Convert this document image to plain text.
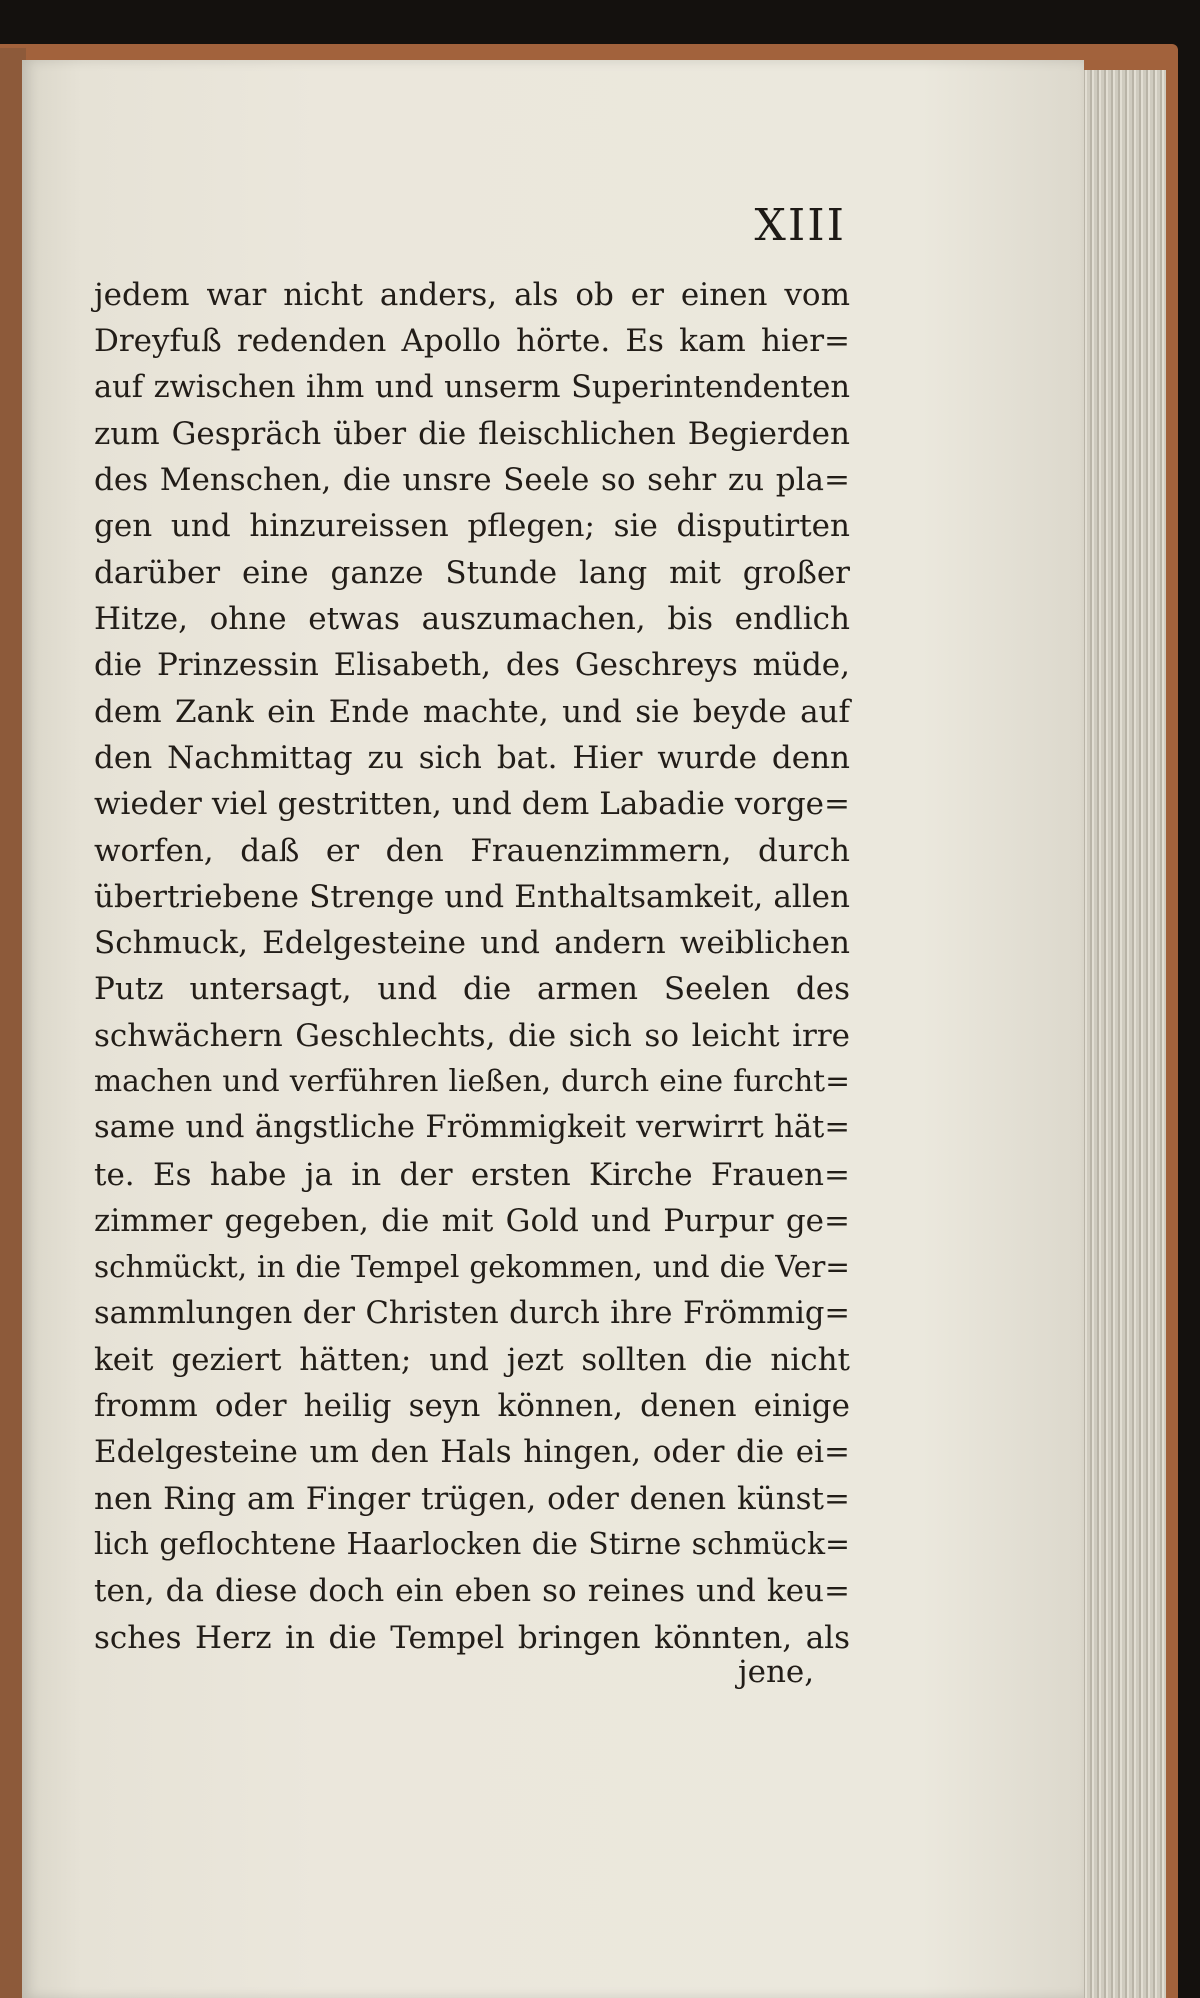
XIII
jedem war nicht anders, als ob er einen vom
Dreyfuß redenden Apollo hörte. Es kam hier=
auf zwischen ihm und unserm Superintendenten
zum Gespräch über die fleischlichen Begierden
des Menschen, die unsre Seele so sehr zu pla=
gen und hinzureissen pflegen; sie disputirten
darüber eine ganze Stunde lang mit großer
Hitze, ohne etwas auszumachen, bis endlich
die Prinzessin Elisabeth, des Geschreys müde,
dem Zank ein Ende machte, und sie beyde auf
den Nachmittag zu sich bat. Hier wurde denn
wieder viel gestritten, und dem Labadie vorge=
worfen, daß er den Frauenzimmern, durch
übertriebene Strenge und Enthaltsamkeit, allen
Schmuck, Edelgesteine und andern weiblichen
Putz untersagt, und die armen Seelen des
schwächern Geschlechts, die sich so leicht irre
machen und verführen ließen, durch eine furcht=
same und ängstliche Frömmigkeit verwirrt hät=
te. Es habe ja in der ersten Kirche Frauen=
zimmer gegeben, die mit Gold und Purpur ge=
schmückt, in die Tempel gekommen, und die Ver=
sammlungen der Christen durch ihre Frömmig=
keit geziert hätten; und jezt sollten die nicht
fromm oder heilig seyn können, denen einige
Edelgesteine um den Hals hingen, oder die ei=
nen Ring am Finger trügen, oder denen künst=
lich geflochtene Haarlocken die Stirne schmück=
ten, da diese doch ein eben so reines und keu=
sches Herz in die Tempel bringen könnten, als
jene,
